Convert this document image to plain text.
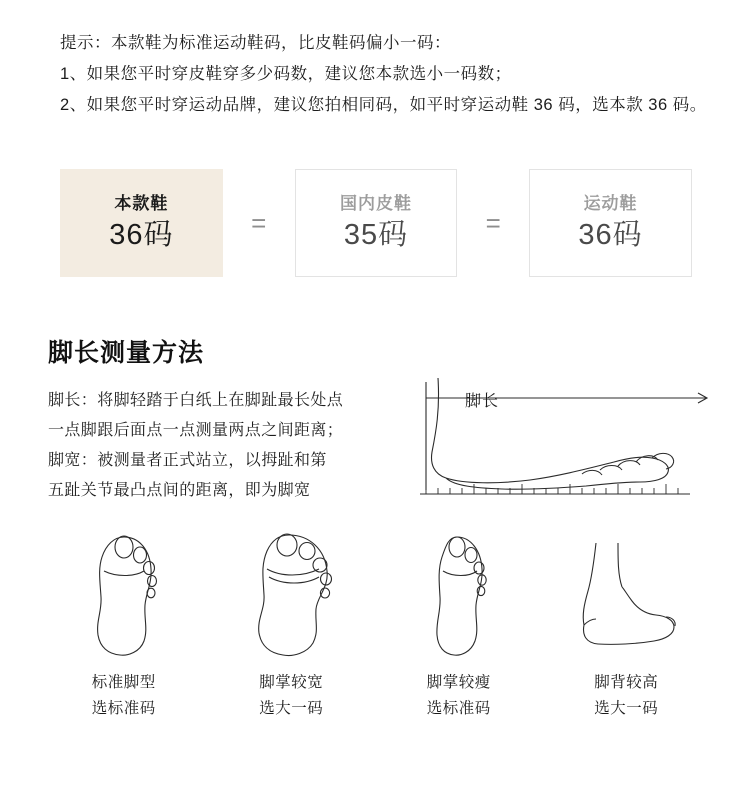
提示：本款鞋为标准运动鞋码，比皮鞋码偏小一码：
1、如果您平时穿皮鞋穿多少码数，建议您本款选小一码数；
2、如果您平时穿运动品牌，建议您拍相同码，如平时穿运动鞋 36 码，选本款 36 码。
本款鞋
36码	=
国内皮鞋
35码	=
运动鞋
36码
脚长测量方法
脚长：将脚轻踏于白纸上在脚趾最长处点
一点脚跟后面点一点测量两点之间距离；
脚宽：被测量者正式站立，以拇趾和第
五趾关节最凸点间的距离，即为脚宽
脚长
标准脚型
选标准码
脚掌较宽
选大一码
脚掌较瘦
选标准码
脚背较高
选大一码
